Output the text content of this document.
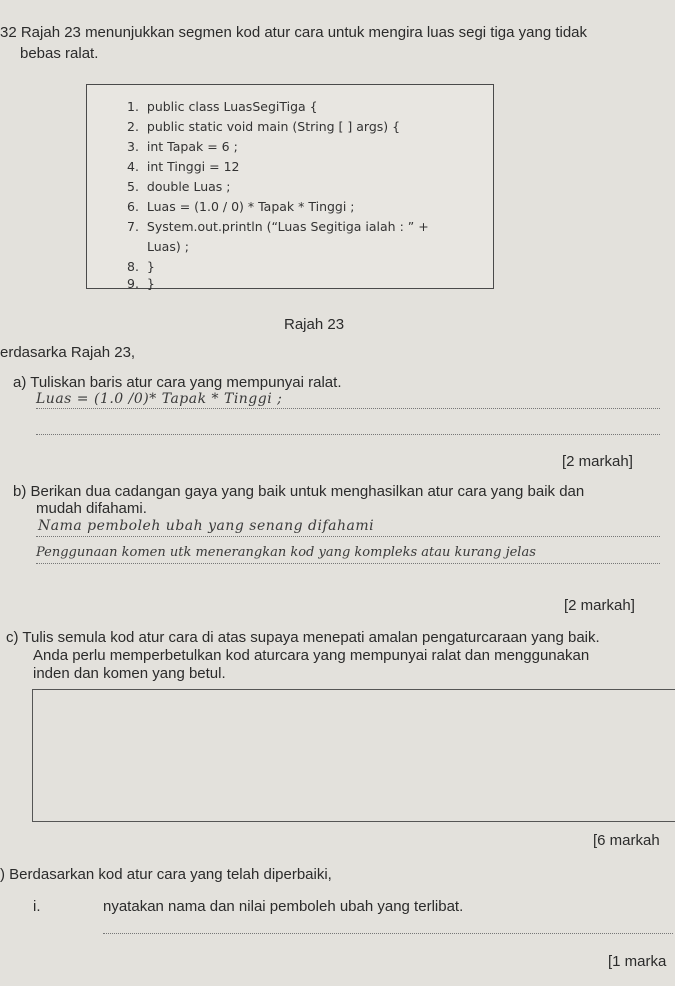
32 Rajah 23 menunjukkan segmen kod atur cara untuk mengira luas segi tiga yang tidak
bebas ralat.
1. public class LuasSegiTiga {
2. public static void main (String [ ] args) {
3. int Tapak = 6 ;
4. int Tinggi = 12
5. double Luas ;
6. Luas = (1.0 / 0) * Tapak * Tinggi ;
7. System.out.println (“Luas Segitiga ialah : ” +
Luas) ;
8. }
9. }
Rajah 23
erdasarka Rajah 23,
a) Tuliskan baris atur cara yang mempunyai ralat.
Luas = (1.0 /0)* Tapak * Tinggi ;
[2 markah]
b) Berikan dua cadangan gaya yang baik untuk menghasilkan atur cara yang baik dan
mudah difahami.
Nama pemboleh ubah yang senang difahami
Penggunaan komen utk menerangkan kod yang kompleks atau kurang jelas
[2 markah]
c) Tulis semula kod atur cara di atas supaya menepati amalan pengaturcaraan yang baik.
Anda perlu memperbetulkan kod aturcara yang mempunyai ralat dan menggunakan
inden dan komen yang betul.
[6 markah
) Berdasarkan kod atur cara yang telah diperbaiki,
i.	nyatakan nama dan nilai pemboleh ubah yang terlibat.
[1 marka
